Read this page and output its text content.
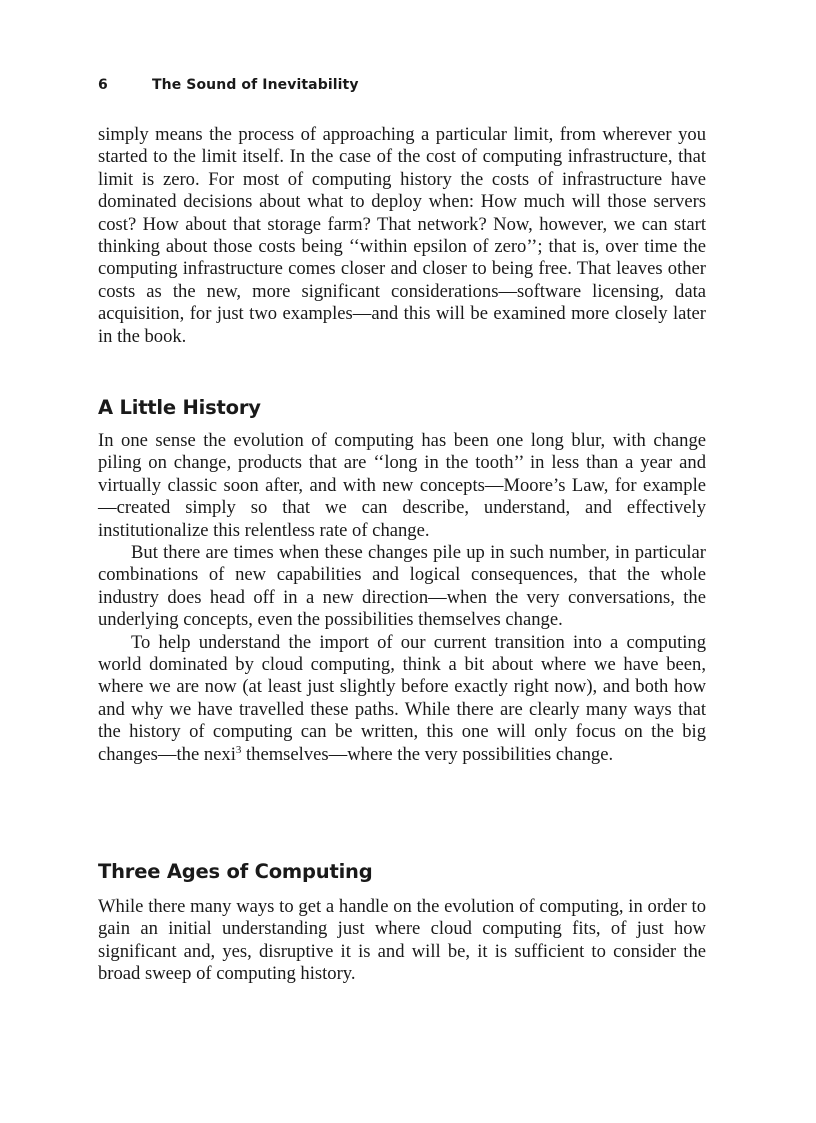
6	The Sound of Inevitability

simply means the process of approaching a particular limit, from wherever you started to the limit itself. In the case of the cost of computing infrastructure, that limit is zero. For most of computing history the costs of infrastructure have dominated decisions about what to deploy when: How much will those servers cost? How about that storage farm? That network? Now, however, we can start thinking about those costs being ‘‘within epsilon of zero’’; that is, over time the computing infrastructure comes closer and closer to being free. That leaves other costs as the new, more significant considerations—software licensing, data acquisition, for just two examples—and this will be examined more closely later in the book.

A Little History

In one sense the evolution of computing has been one long blur, with change piling on change, products that are ‘‘long in the tooth’’ in less than a year and virtually classic soon after, and with new concepts—Moore’s Law, for example—created simply so that we can describe, understand, and effectively institutionalize this relentless rate of change.

But there are times when these changes pile up in such number, in particular combinations of new capabilities and logical consequences, that the whole industry does head off in a new direction—when the very conversations, the underlying concepts, even the possibilities themselves change.

To help understand the import of our current transition into a computing world dominated by cloud computing, think a bit about where we have been, where we are now (at least just slightly before exactly right now), and both how and why we have travelled these paths. While there are clearly many ways that the history of computing can be written, this one will only focus on the big changes—the nexi$^3$ themselves—where the very possibilities change.

Three Ages of Computing

While there many ways to get a handle on the evolution of computing, in order to gain an initial understanding just where cloud computing fits, of just how significant and, yes, disruptive it is and will be, it is sufficient to consider the broad sweep of computing history.
